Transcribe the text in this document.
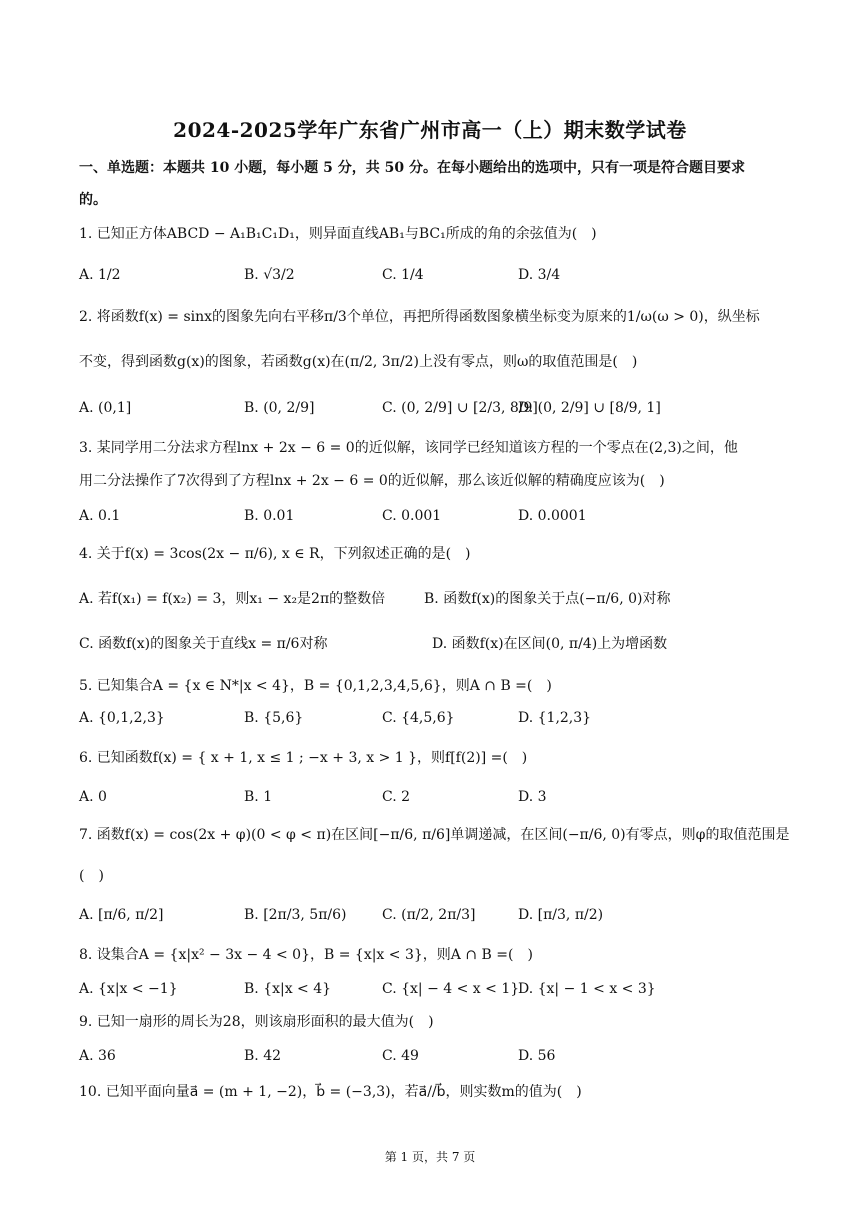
2024-2025学年广东省广州市高一（上）期末数学试卷
一、单选题：本题共 10 小题，每小题 5 分，共 50 分。在每小题给出的选项中，只有一项是符合题目要求
的。
1. 已知正方体ABCD − A₁B₁C₁D₁，则异面直线AB₁与BC₁所成的角的余弦值为(　)
A. 1/2	B. √3/2	C. 1/4	D. 3/4
2. 将函数f(x) = sinx的图象先向右平移π/3个单位，再把所得函数图象横坐标变为原来的1/ω(ω > 0)，纵坐标
不变，得到函数g(x)的图象，若函数g(x)在(π/2, 3π/2)上没有零点，则ω的取值范围是(　)
A. (0,1]	B. (0, 2/9]	C. (0, 2/9] ∪ [2/3, 8/9]
D. (0, 2/9] ∪ [8/9, 1]
3. 某同学用二分法求方程lnx + 2x − 6 = 0的近似解，该同学已经知道该方程的一个零点在(2,3)之间，他
用二分法操作了7次得到了方程lnx + 2x − 6 = 0的近似解，那么该近似解的精确度应该为(　)
A. 0.1	B. 0.01	C. 0.001	D. 0.0001
4. 关于f(x) = 3cos(2x − π/6), x ∈ R，下列叙述正确的是(　)
A. 若f(x₁) = f(x₂) = 3，则x₁ − x₂是2π的整数倍	B. 函数f(x)的图象关于点(−π/6, 0)对称
C. 函数f(x)的图象关于直线x = π/6对称	D. 函数f(x)在区间(0, π/4)上为增函数
5. 已知集合A = {x ∈ N*|x < 4}，B = {0,1,2,3,4,5,6}，则A ∩ B =(　)
A. {0,1,2,3}	B. {5,6}	C. {4,5,6}	D. {1,2,3}
6. 已知函数f(x) = { x + 1, x ≤ 1 ; −x + 3, x > 1 }，则f[f(2)] =(　)
A. 0	B. 1	C. 2	D. 3
7. 函数f(x) = cos(2x + φ)(0 < φ < π)在区间[−π/6, π/6]单调递减，在区间(−π/6, 0)有零点，则φ的取值范围是
(　)
A. [π/6, π/2]	B. [2π/3, 5π/6)	C. (π/2, 2π/3]	D. [π/3, π/2)
8. 设集合A = {x|x² − 3x − 4 < 0}，B = {x|x < 3}，则A ∩ B =(　)
A. {x|x < −1}	B. {x|x < 4}	C. {x| − 4 < x < 1}
D. {x| − 1 < x < 3}
9. 已知一扇形的周长为28，则该扇形面积的最大值为(　)
A. 36	B. 42	C. 49	D. 56
10. 已知平面向量a⃗ = (m + 1, −2)，b⃗ = (−3,3)，若a⃗//b⃗，则实数m的值为(　)
第 1 页，共 7 页
